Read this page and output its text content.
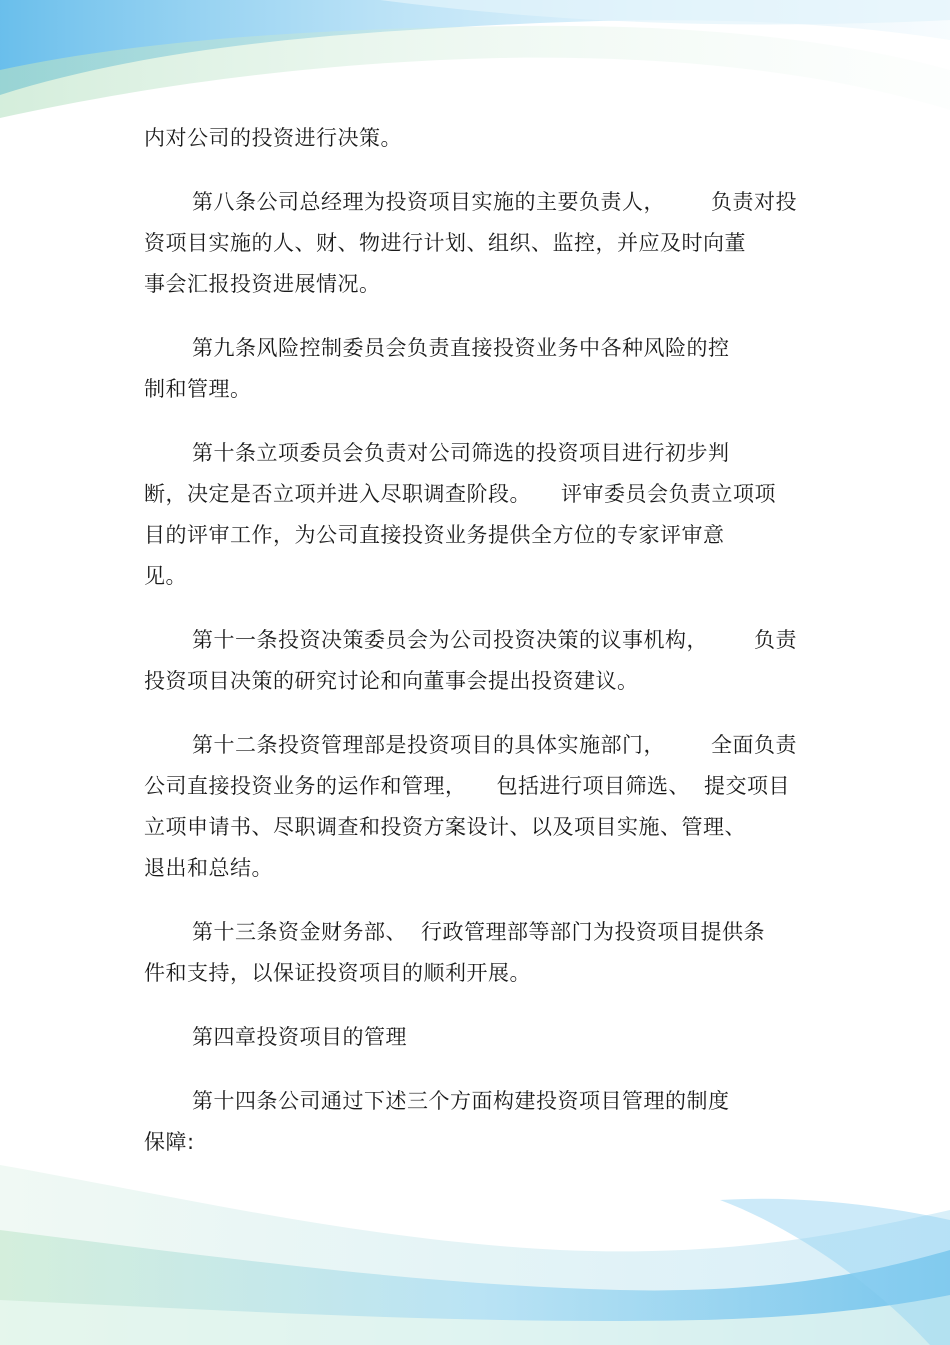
内对公司的投资进行决策。

第八条公司总经理为投资项目实施的主要负责人， 负责对投
资项目实施的人、财、物进行计划、组织、监控，并应及时向董
事会汇报投资进展情况。

第九条风险控制委员会负责直接投资业务中各种风险的控
制和管理。

第十条立项委员会负责对公司筛选的投资项目进行初步判
断，决定是否立项并进入尽职调查阶段。 评审委员会负责立项项
目的评审工作，为公司直接投资业务提供全方位的专家评审意
见。

第十一条投资决策委员会为公司投资决策的议事机构， 负责
投资项目决策的研究讨论和向董事会提出投资建议。

第十二条投资管理部是投资项目的具体实施部门， 全面负责
公司直接投资业务的运作和管理， 包括进行项目筛选、 提交项目
立项申请书、尽职调查和投资方案设计、以及项目实施、管理、
退出和总结。

第十三条资金财务部、 行政管理部等部门为投资项目提供条
件和支持，以保证投资项目的顺利开展。

第四章投资项目的管理

第十四条公司通过下述三个方面构建投资项目管理的制度
保障:
